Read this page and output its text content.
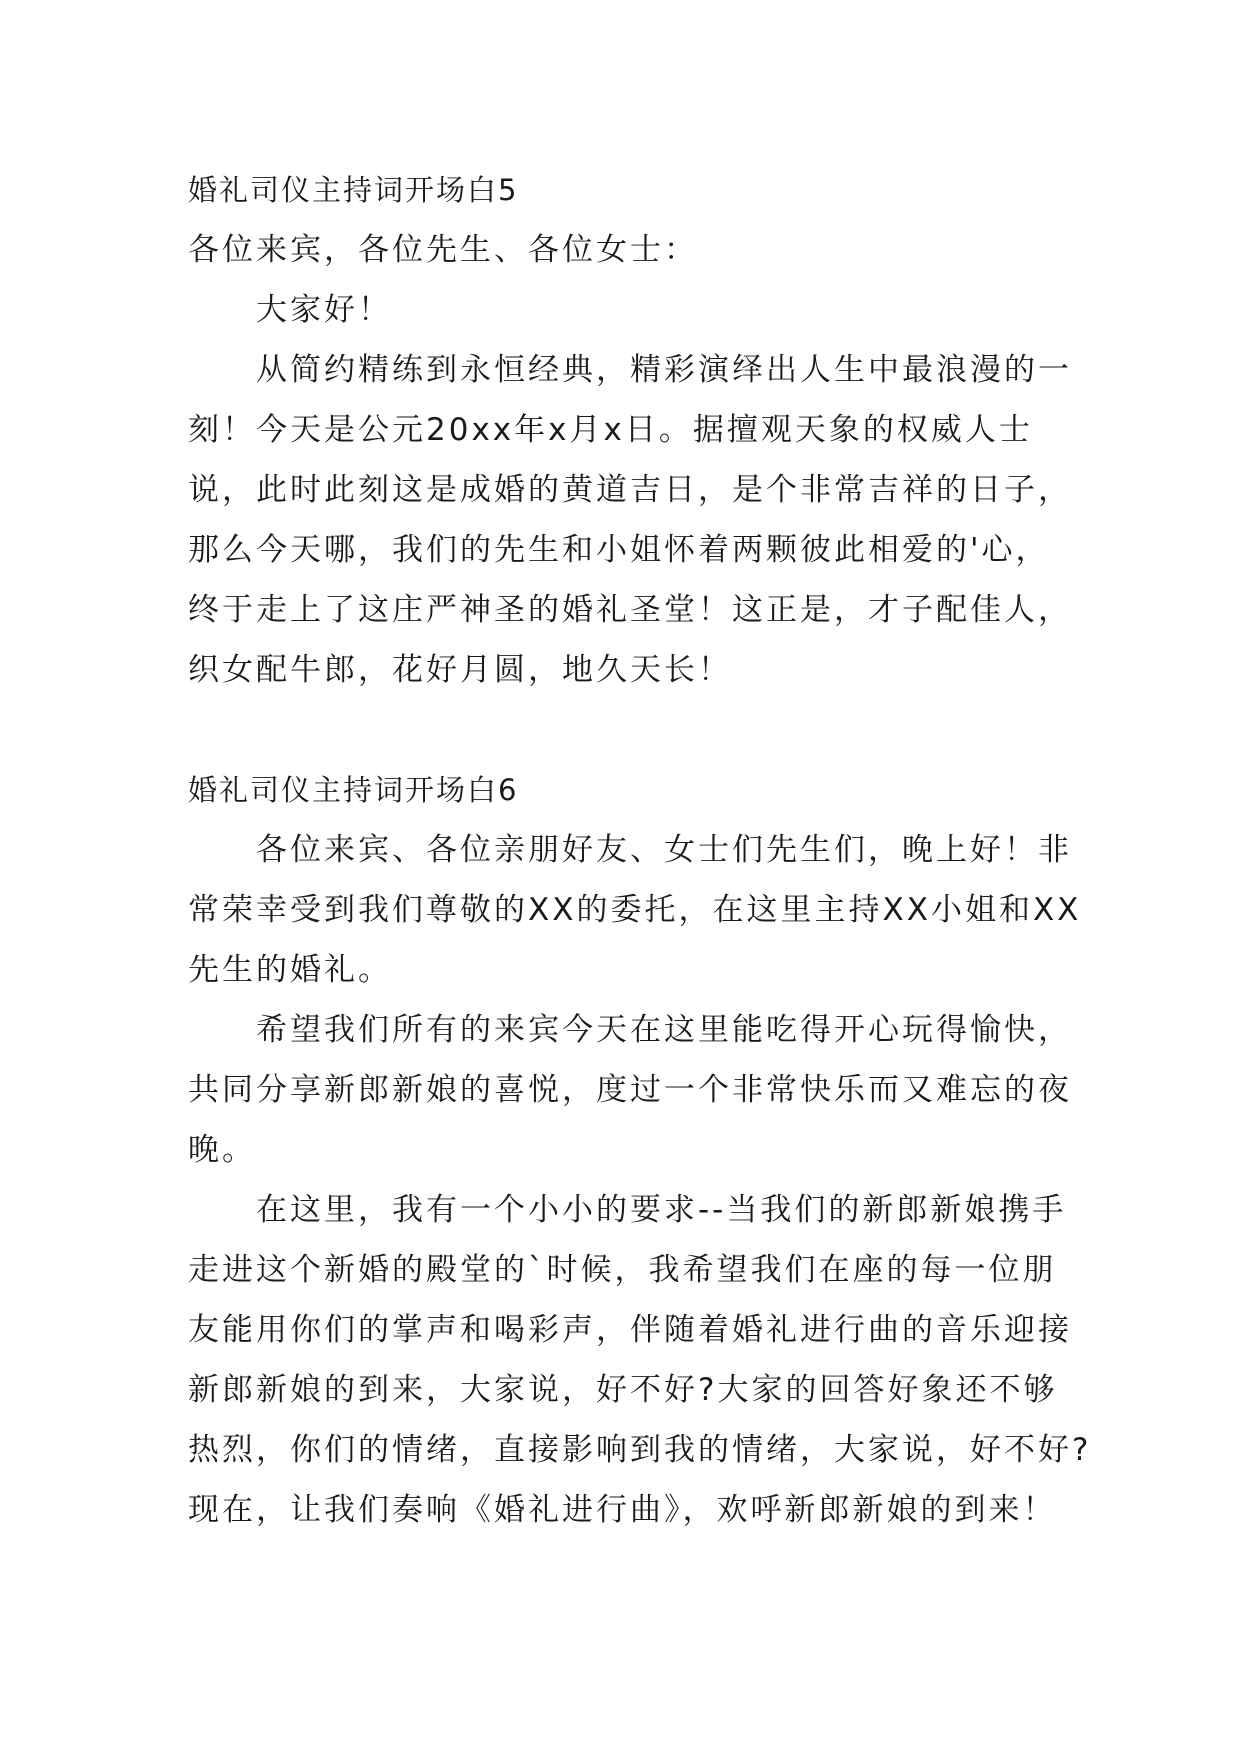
婚礼司仪主持词开场白5
各位来宾，各位先生、各位女士：
大家好！
从简约精练到永恒经典，精彩演绎出人生中最浪漫的一
刻！今天是公元20xx年x月x日。据擅观天象的权威人士
说，此时此刻这是成婚的黄道吉日，是个非常吉祥的日子，
那么今天哪，我们的先生和小姐怀着两颗彼此相爱的'心，
终于走上了这庄严神圣的婚礼圣堂！这正是，才子配佳人，
织女配牛郎，花好月圆，地久天长！
婚礼司仪主持词开场白6
各位来宾、各位亲朋好友、女士们先生们，晚上好！非
常荣幸受到我们尊敬的XX的委托，在这里主持XX小姐和XX
先生的婚礼。
希望我们所有的来宾今天在这里能吃得开心玩得愉快，
共同分享新郎新娘的喜悦，度过一个非常快乐而又难忘的夜
晚。
在这里，我有一个小小的要求--当我们的新郎新娘携手
走进这个新婚的殿堂的`时候，我希望我们在座的每一位朋
友能用你们的掌声和喝彩声，伴随着婚礼进行曲的音乐迎接
新郎新娘的到来，大家说，好不好?大家的回答好象还不够
热烈，你们的情绪，直接影响到我的情绪，大家说，好不好?
现在，让我们奏响《婚礼进行曲》，欢呼新郎新娘的到来！
